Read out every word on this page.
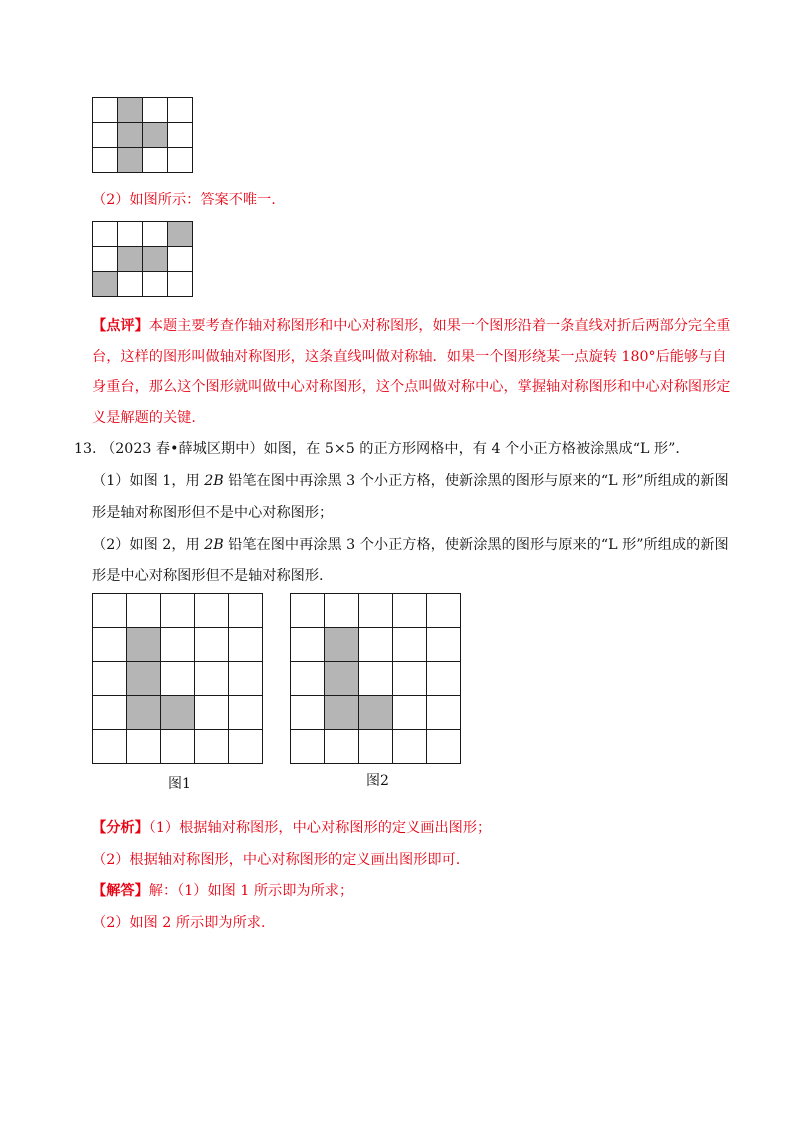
（2）如图所示：答案不唯一.

【点评】本题主要考查作轴对称图形和中心对称图形，如果一个图形沿着一条直线对折后两部分完全重
台，这样的图形叫做轴对称图形，这条直线叫做对称轴．如果一个图形绕某一点旋转 180°后能够与自
身重台，那么这个图形就叫做中心对称图形，这个点叫做对称中心，掌握轴对称图形和中心对称图形定
义是解题的关键.
13. （2023 春•薛城区期中）如图，在 5×5 的正方形网格中，有 4 个小正方格被涂黑成“L 形”．
（1）如图 1，用 2B 铅笔在图中再涂黑 3 个小正方格，使新涂黑的图形与原来的“L 形”所组成的新图
形是轴对称图形但不是中心对称图形；
（2）如图 2，用 2B 铅笔在图中再涂黑 3 个小正方格，使新涂黑的图形与原来的“L 形”所组成的新图
形是中心对称图形但不是轴对称图形.

图1

					图2
【分析】（1）根据轴对称图形，中心对称图形的定义画出图形；
（2）根据轴对称图形，中心对称图形的定义画出图形即可.
【解答】解：（1）如图 1 所示即为所求；
（2）如图 2 所示即为所求.
